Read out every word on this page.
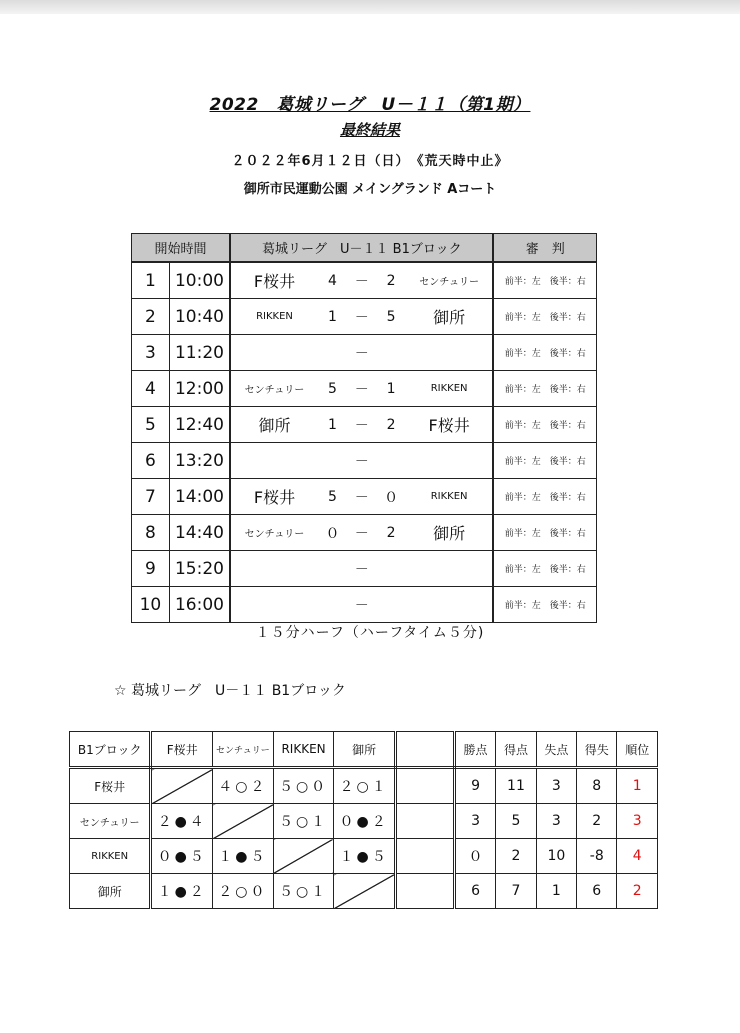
2022　葛城リーグ　U－１１（第1期）
最終結果
２０２２年6月１２日（日）　《荒天時中止》
御所市民運動公園 メイングランド Aコート
開始時間		葛城リーグ　U－１１ B1ブロック					審　判
1	10:00	F桜井	4	－	2	センチュリー	前半：左　後半：右
2	10:40	RIKKEN	1	－	5	御所	前半：左　後半：右
3	11:20			－			前半：左　後半：右
4	12:00	センチュリー	5	－	1	RIKKEN	前半：左　後半：右
5	12:40	御所	1	－	2	F桜井	前半：左　後半：右
6	13:20			－			前半：左　後半：右
7	14:00	F桜井	5	－	０	RIKKEN	前半：左　後半：右
8	14:40	センチュリー	０	－	2	御所	前半：左　後半：右
9	15:20			－			前半：左　後半：右
10	16:00			－			前半：左　後半：右
１５分ハーフ（ハーフタイム５分)
☆ 葛城リーグ　U－１１ B1ブロック
B1ブロック	F桜井	センチュリー	RIKKEN	御所		勝点	得点	失点	得失	順位
F桜井		４○２	５○０	２○１		9	11	3	8	1
センチュリー	２●４		５○１	０●２		3	5	3	2	3
RIKKEN	０●５	１●５		１●５		０	2	10	-8	4
御所	１●２	２○０	５○１			6	7	1	6	2
